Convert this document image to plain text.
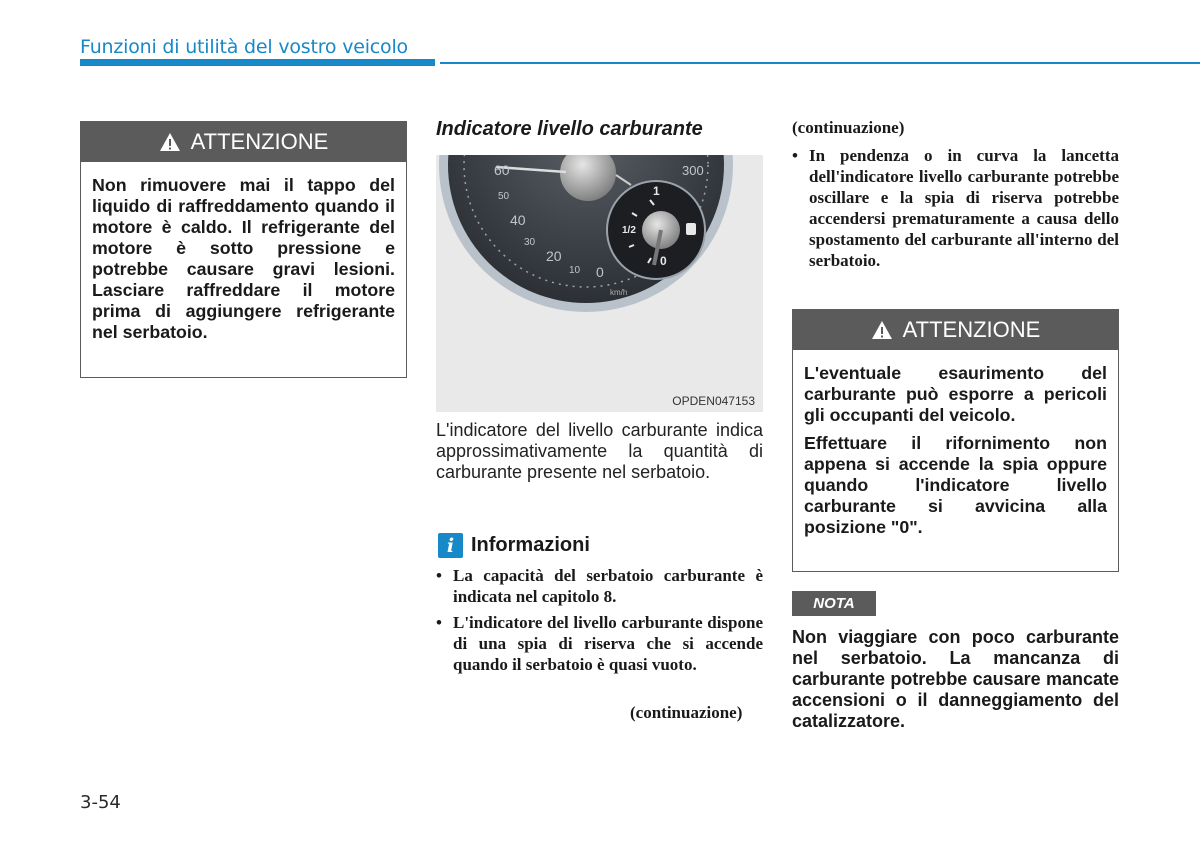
Funzioni di utilità del vostro veicolo
ATTENZIONE

Non rimuovere mai il tappo del liquido di raffreddamento quando il motore è caldo. Il refrigerante del motore è sotto pressione e potrebbe causare gravi lesioni. Lasciare raffreddare il motore prima di aggiungere refrigerante nel serbatoio.

Indicatore livello carburante
60
50
40
30
20
10 0
300
km/h
1
1/2
0
OPDEN047153
L'indicatore del livello carburante indica approssimativamente la quantità di carburante presente nel serbatoio.
i Informazioni
• La capacità del serbatoio carburante è indicata nel capitolo 8.
• L'indicatore del livello carburante dispone di una spia di riserva che si accende quando il serbatoio è quasi vuoto.
(continuazione)
(continuazione)
• In pendenza o in curva la lancetta dell'indicatore livello carburante potrebbe oscillare e la spia di riserva potrebbe accendersi prematuramente a causa dello spostamento del carburante all'interno del serbatoio.
ATTENZIONE

L'eventuale esaurimento del carburante può esporre a pericoli gli occupanti del veicolo.

Effettuare il rifornimento non appena si accende la spia oppure quando l'indicatore livello carburante si avvicina alla posizione "0".

NOTA
Non viaggiare con poco carburante nel serbatoio. La mancanza di carburante potrebbe causare mancate accensioni o il danneggiamento del catalizzatore.
3-54
